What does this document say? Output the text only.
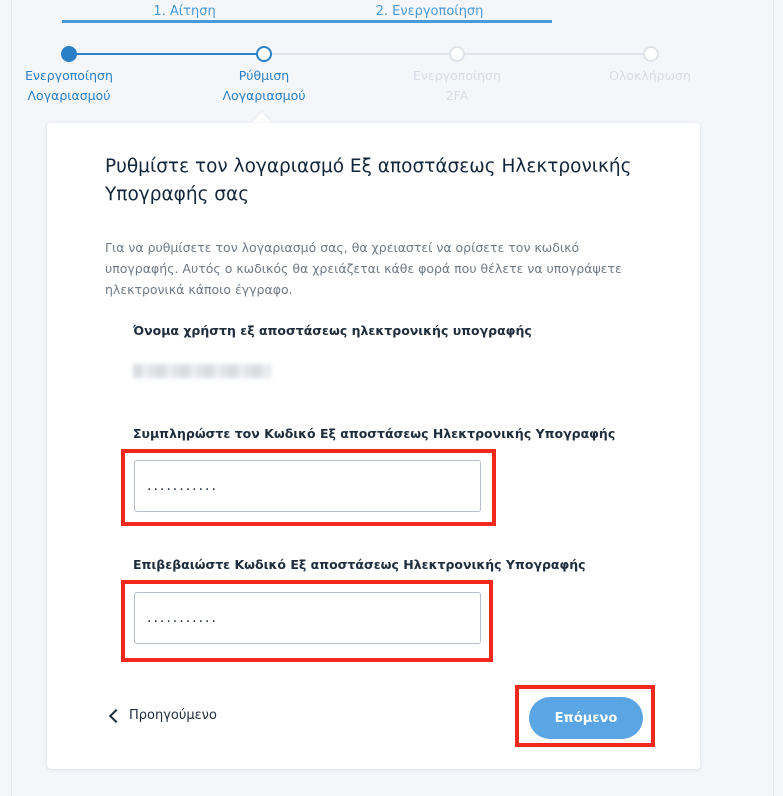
1. Αίτηση	2. Ενεργοποίηση
Ενεργοποίηση
Λογαριασμού
Ρύθμιση
Λογαριασμού
Ενεργοποίηση
2FA
Ολοκλήρωση
Ρυθμίστε τον λογαριασμό Εξ αποστάσεως Ηλεκτρονικής Υπογραφής σας

Για να ρυθμίσετε τον λογαριασμό σας, θα χρειαστεί να ορίσετε τον κωδικό υπογραφής. Αυτός ο κωδικός θα χρειάζεται κάθε φορά που θέλετε να υπογράψετε ηλεκτρονικά κάποιο έγγραφο.

Όνομα χρήστη εξ αποστάσεως ηλεκτρονικής υπογραφής
Συμπληρώστε τον Κωδικό Εξ αποστάσεως Ηλεκτρονικής Υπογραφής
...........
Επιβεβαιώστε Κωδικό Εξ αποστάσεως Ηλεκτρονικής Υπογραφής
...........
Προηγούμενο	Επόμενο
